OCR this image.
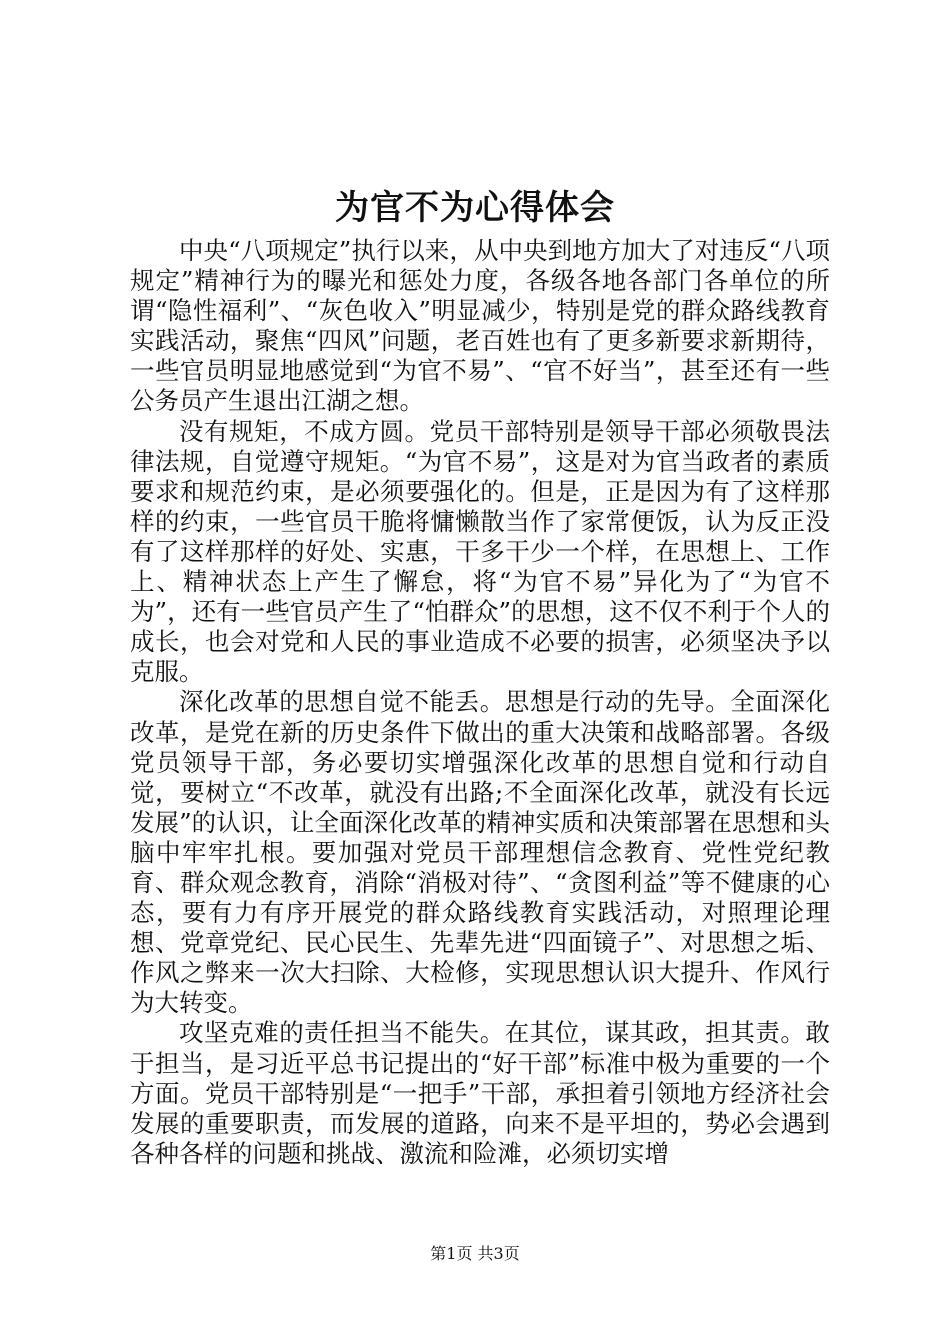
为官不为心得体会

中央“八项规定”执行以来，从中央到地方加大了对违反“八项规定”精神行为的曝光和惩处力度，各级各地各部门各单位的所谓“隐性福利”、“灰色收入”明显减少，特别是党的群众路线教育实践活动，聚焦“四风”问题，老百姓也有了更多新要求新期待，一些官员明显地感觉到“为官不易”、“官不好当”，甚至还有一些公务员产生退出江湖之想。

没有规矩，不成方圆。党员干部特别是领导干部必须敬畏法律法规，自觉遵守规矩。“为官不易”，这是对为官当政者的素质要求和规范约束，是必须要强化的。但是，正是因为有了这样那样的约束，一些官员干脆将慵懒散当作了家常便饭，认为反正没有了这样那样的好处、实惠，干多干少一个样，在思想上、工作上、精神状态上产生了懈怠，将“为官不易”异化为了“为官不为”，还有一些官员产生了“怕群众”的思想，这不仅不利于个人的成长，也会对党和人民的事业造成不必要的损害，必须坚决予以克服。

深化改革的思想自觉不能丢。思想是行动的先导。全面深化改革，是党在新的历史条件下做出的重大决策和战略部署。各级党员领导干部，务必要切实增强深化改革的思想自觉和行动自觉，要树立“不改革，就没有出路;不全面深化改革，就没有长远发展”的认识，让全面深化改革的精神实质和决策部署在思想和头脑中牢牢扎根。要加强对党员干部理想信念教育、党性党纪教育、群众观念教育，消除“消极对待”、“贪图利益”等不健康的心态，要有力有序开展党的群众路线教育实践活动，对照理论理想、党章党纪、民心民生、先辈先进“四面镜子”、对思想之垢、作风之弊来一次大扫除、大检修，实现思想认识大提升、作风行为大转变。

攻坚克难的责任担当不能失。在其位，谋其政，担其责。敢于担当，是习近平总书记提出的“好干部”标准中极为重要的一个方面。党员干部特别是“一把手”干部，承担着引领地方经济社会发展的重要职责，而发展的道路，向来不是平坦的，势必会遇到各种各样的问题和挑战、激流和险滩，必须切实增

第1页 共3页
